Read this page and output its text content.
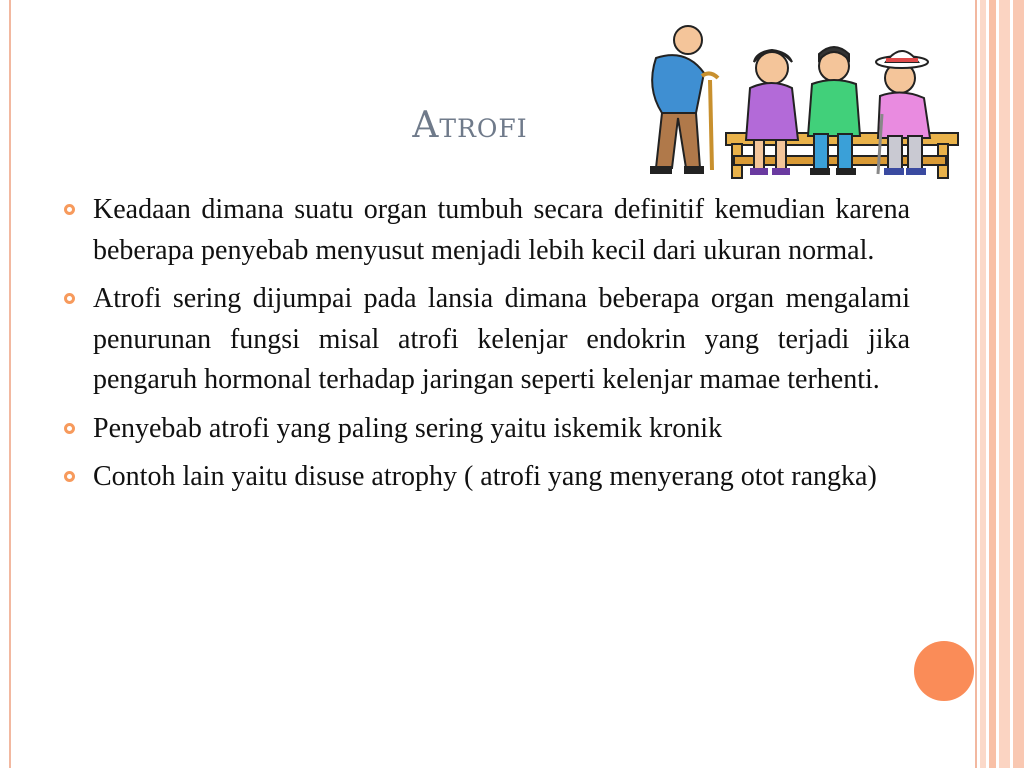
Atrofi
Keadaan dimana suatu organ tumbuh secara definitif kemudian karena beberapa penyebab menyusut menjadi lebih kecil dari ukuran normal.
Atrofi sering dijumpai pada lansia dimana beberapa organ mengalami penurunan fungsi misal atrofi kelenjar endokrin yang terjadi jika pengaruh hormonal terhadap jaringan seperti kelenjar mamae terhenti.
Penyebab atrofi yang paling sering yaitu iskemik kronik
Contoh lain yaitu disuse atrophy ( atrofi yang menyerang otot rangka)
